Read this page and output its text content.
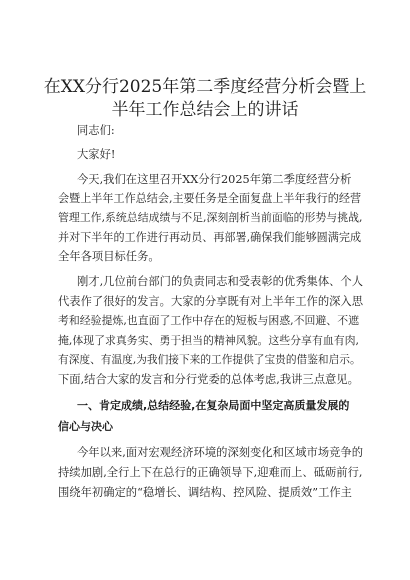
在XX分行2025年第二季度经营分析会暨上
半年工作总结会上的讲话

同志们:

大家好!

今天,我们在这里召开XX分行2025年第二季度经营分析

会暨上半年工作总结会,主要任务是全面复盘上半年我行的经营

管理工作,系统总结成绩与不足,深刻剖析当前面临的形势与挑战,

并对下半年的工作进行再动员、再部署,确保我们能够圆满完成

全年各项目标任务。

刚才,几位前台部门的负责同志和受表彰的优秀集体、个人

代表作了很好的发言。大家的分享既有对上半年工作的深入思

考和经验提炼,也直面了工作中存在的短板与困惑,不回避、不遮

掩,体现了求真务实、勇于担当的精神风貌。这些分享有血有肉,

有深度、有温度,为我们接下来的工作提供了宝贵的借鉴和启示。

下面,结合大家的发言和分行党委的总体考虑,我讲三点意见。

一、肯定成绩,总结经验,在复杂局面中坚定高质量发展的

信心与决心

今年以来,面对宏观经济环境的深刻变化和区域市场竞争的

持续加剧,全行上下在总行的正确领导下,迎难而上、砥砺前行,

围绕年初确定的“稳增长、调结构、控风险、提质效”工作主
